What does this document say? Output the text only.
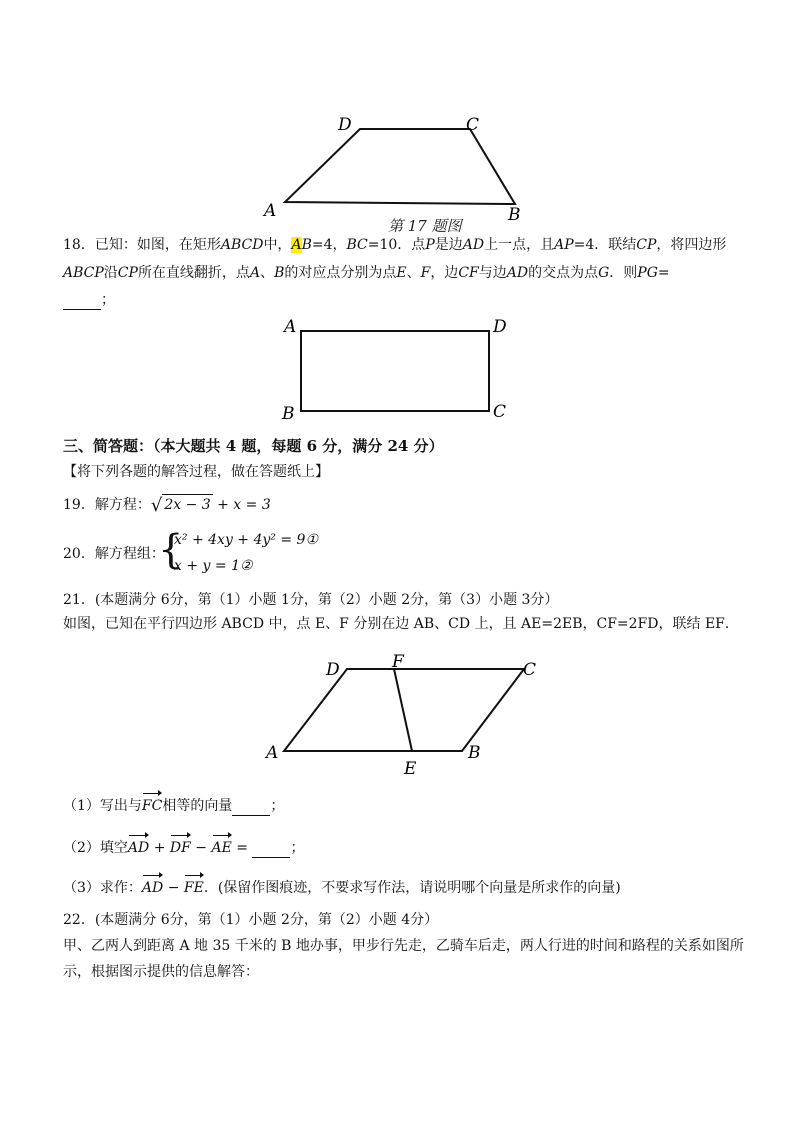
D	C
A	B
第 17 题图
18．已知：如图，在矩形ABCD中，AB=4，BC=10．点P是边AD上一点，且AP=4．联结CP，将四边形
ABCP沿CP所在直线翻折，点A、B的对应点分别为点E、F，边CF与边AD的交点为点G．则PG=
；
A	D
B	C
三、简答题：（本大题共 4 题，每题 6 分，满分 24 分）
【将下列各题的解答过程，做在答题纸上】
19．解方程：√ 2x − 3 + x = 3
20．解方程组：
{
x² + 4xy + 4y² = 9①
x + y = 1②
21．(本题满分 6分，第（1）小题 1分，第（2）小题 2分，第（3）小题 3分）
如图，已知在平行四边形 ABCD 中，点 E、F 分别在边 AB、CD 上，且 AE=2EB，CF=2FD，联结 EF．
D	F	C
A
E
B
（1）写出与FC相等的向量	；
（2）填空AD + DF − AE =	；
（3）求作：AD − FE．(保留作图痕迹，不要求写作法，请说明哪个向量是所求作的向量)
22．(本题满分 6分，第（1）小题 2分，第（2）小题 4分）
甲、乙两人到距离 A 地 35 千米的 B 地办事，甲步行先走，乙骑车后走，两人行进的时间和路程的关系如图所
示，根据图示提供的信息解答：
